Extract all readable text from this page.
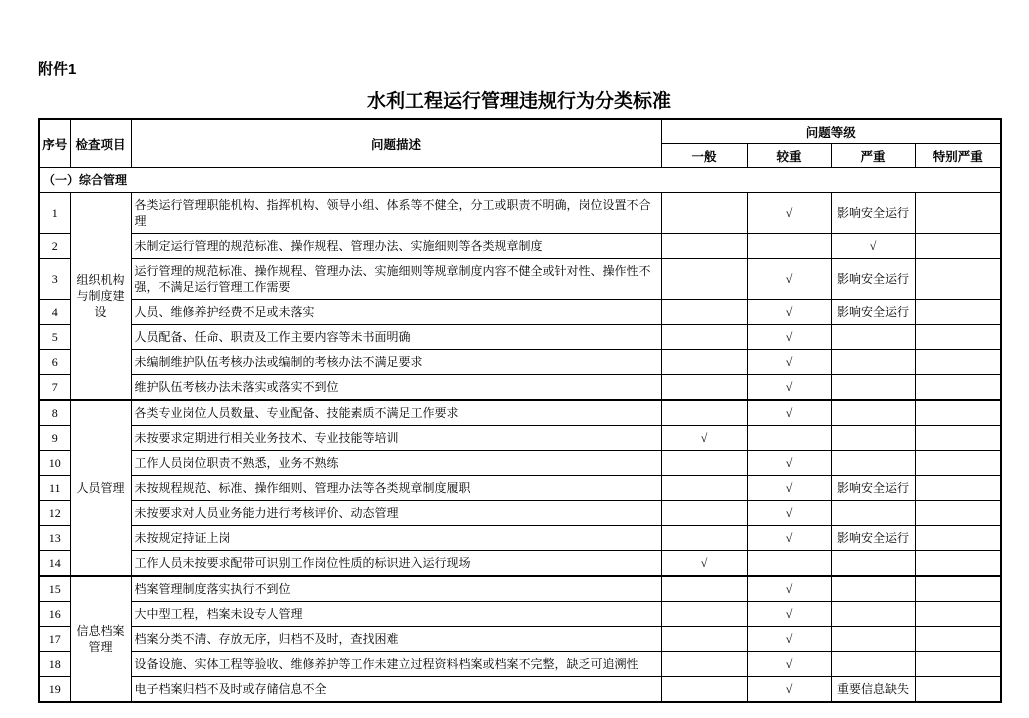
附件1
水利工程运行管理违规行为分类标准
序号	检查项目	问题描述	问题等级			
			一般	较重	严重	特别严重
（一）综合管理						
1	组织机构与制度建设	各类运行管理职能机构、指挥机构、领导小组、体系等不健全，分工或职责不明确，岗位设置不合理		√	影响安全运行	
2		未制定运行管理的规范标准、操作规程、管理办法、实施细则等各类规章制度			√	
3		运行管理的规范标准、操作规程、管理办法、实施细则等规章制度内容不健全或针对性、操作性不强，不满足运行管理工作需要		√	影响安全运行	
4		人员、维修养护经费不足或未落实		√	影响安全运行	
5		人员配备、任命、职责及工作主要内容等未书面明确		√		
6		未编制维护队伍考核办法或编制的考核办法不满足要求		√		
7		维护队伍考核办法未落实或落实不到位		√		
8	人员管理	各类专业岗位人员数量、专业配备、技能素质不满足工作要求		√		
9		未按要求定期进行相关业务技术、专业技能等培训	√			
10		工作人员岗位职责不熟悉，业务不熟练		√		
11		未按规程规范、标准、操作细则、管理办法等各类规章制度履职		√	影响安全运行	
12		未按要求对人员业务能力进行考核评价、动态管理		√		
13		未按规定持证上岗		√	影响安全运行	
14		工作人员未按要求配带可识别工作岗位性质的标识进入运行现场	√			
15	信息档案管理	档案管理制度落实执行不到位		√		
16		大中型工程，档案未设专人管理		√		
17		档案分类不清、存放无序，归档不及时，查找困难		√		
18		设备设施、实体工程等验收、维修养护等工作未建立过程资料档案或档案不完整，缺乏可追溯性		√		
19		电子档案归档不及时或存储信息不全		√	重要信息缺失	
